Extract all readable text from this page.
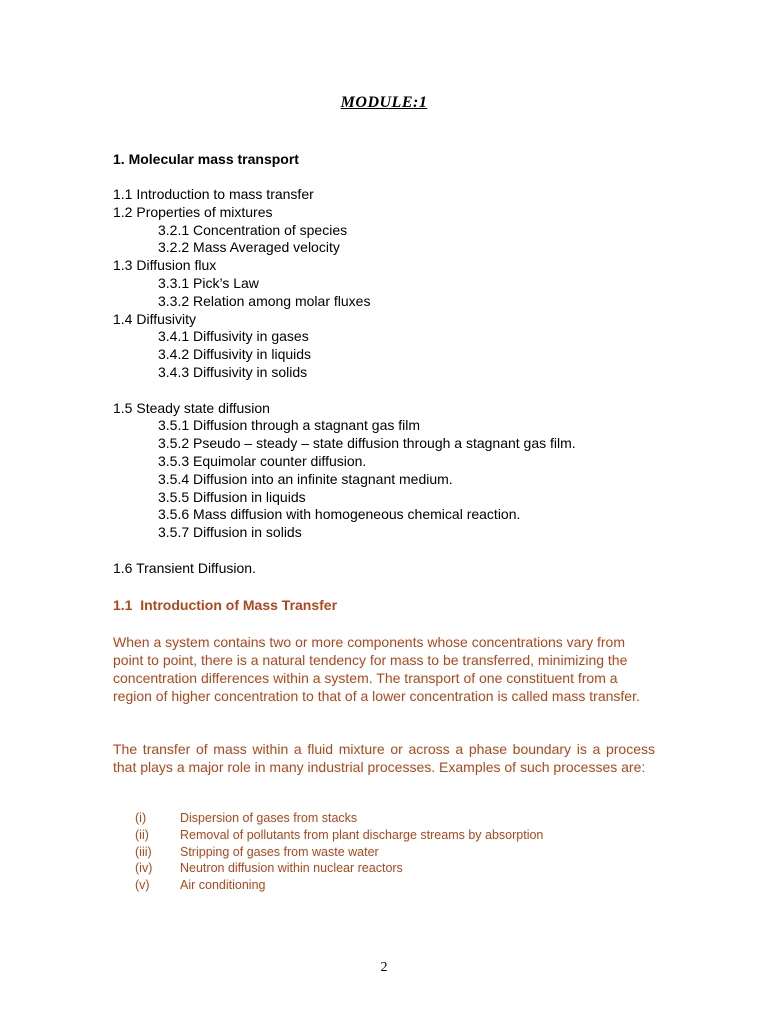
MODULE:1
1. Molecular mass transport
1.1 Introduction to mass transfer
1.2 Properties of mixtures
3.2.1 Concentration of species
3.2.2 Mass Averaged velocity
1.3 Diffusion flux
3.3.1 Pick’s Law
3.3.2 Relation among molar fluxes
1.4 Diffusivity
3.4.1 Diffusivity in gases
3.4.2 Diffusivity in liquids
3.4.3 Diffusivity in solids
1.5 Steady state diffusion
3.5.1 Diffusion through a stagnant gas film
3.5.2 Pseudo – steady – state diffusion through a stagnant gas film.
3.5.3 Equimolar counter diffusion.
3.5.4 Diffusion into an infinite stagnant medium.
3.5.5 Diffusion in liquids
3.5.6 Mass diffusion with homogeneous chemical reaction.
3.5.7 Diffusion in solids
1.6 Transient Diffusion.
1.1  Introduction of Mass Transfer
When a system contains two or more components whose concentrations vary from point to point, there is a natural tendency for mass to be transferred, minimizing the concentration differences within a system. The transport of one constituent from a region of higher concentration to that of a lower concentration is called mass transfer.
The transfer of mass within a fluid mixture or across a phase boundary is a process that plays a major role in many industrial processes. Examples of such processes are:
(i)	Dispersion of gases from stacks
(ii) Removal of pollutants from plant discharge streams by absorption
(iii) Stripping of gases from waste water
(iv) Neutron diffusion within nuclear reactors
(v) Air conditioning
2
